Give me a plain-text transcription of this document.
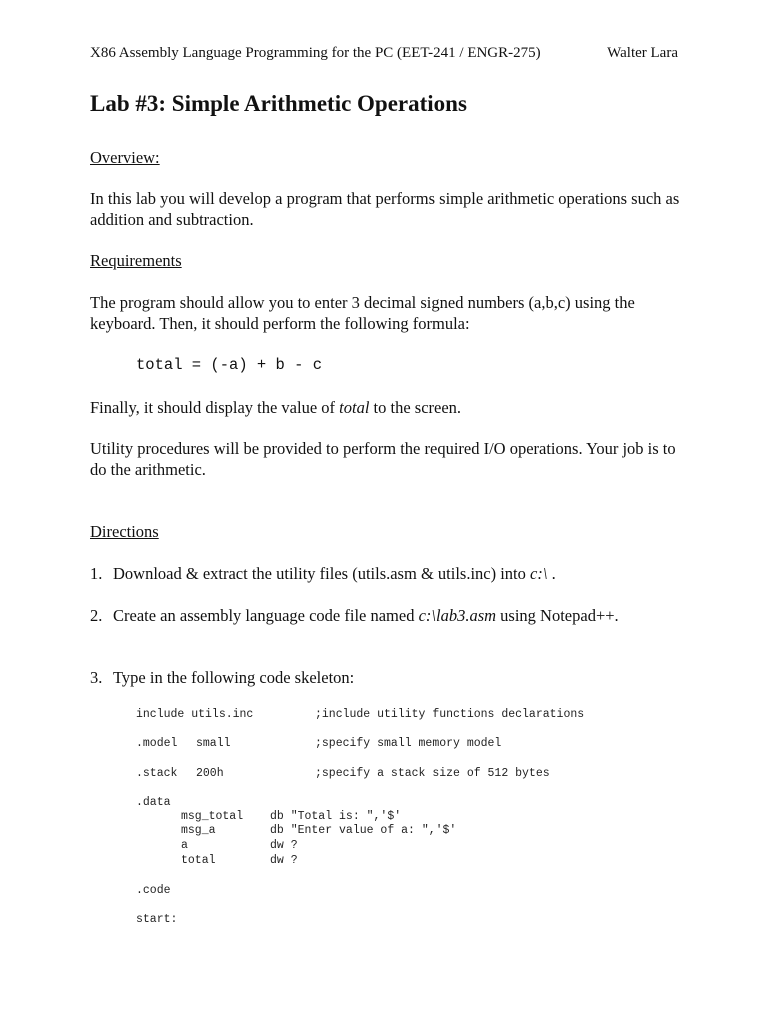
X86 Assembly Language Programming for the PC (EET-241 / ENGR-275)	Walter Lara
Lab #3: Simple Arithmetic Operations

Overview:

In this lab you will develop a program that performs simple arithmetic operations such as addition and subtraction.

Requirements

The program should allow you to enter 3 decimal signed numbers (a,b,c) using the keyboard. Then, it should perform the following formula:

total = (-a) + b - c

Finally, it should display the value of total to the screen.

Utility procedures will be provided to perform the required I/O operations. Your job is to do the arithmetic.

Directions

1. Download & extract the utility files (utils.asm & utils.inc) into c:\ .
2. Create an assembly language code file named c:\lab3.asm using Notepad++.
3. Type in the following code skeleton:
include utils.inc	;include utility functions declarations
.model small	;specify small memory model
.stack 200h	;specify a stack size of 512 bytes
.data
msg_total db "Total is: ",'$'
msg_a	db "Enter value of a: ",'$'
a	dw ?
total	dw ?
.code
start:
